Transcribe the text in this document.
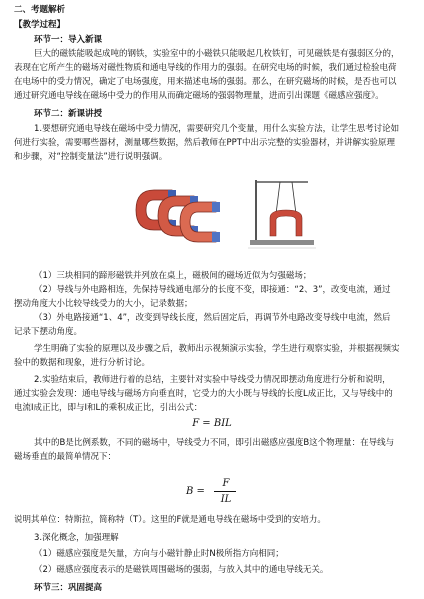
二、考题解析
【教学过程】
环节一：导入新课
巨大的磁铁能吸起成吨的钢铁，实验室中的小磁铁只能吸起几枚铁钉，可见磁铁是有强弱区分的，
表现在它所产生的磁场对磁性物质和通电导线的作用力的强弱。在研究电场的时候，我们通过检验电荷
在电场中的受力情况，确定了电场强度，用来描述电场的强弱。那么，在研究磁场的时候，是否也可以
通过研究通电导线在磁场中受力的作用从而确定磁场的强弱物理量，进而引出课题《磁感应强度》。
环节二：新课讲授
1.要想研究通电导线在磁场中受力情况，需要研究几个变量，用什么实验方法，让学生思考讨论如
何进行实验，需要哪些器材，测量哪些数据，然后教师在PPT中出示完整的实验器材，并讲解实验原理
和步骤，对“控制变量法”进行说明强调。
（1）三块相同的蹄形磁铁并列放在桌上，磁极间的磁场近似为匀强磁场；
（2）导线与外电路相连，先保持导线通电部分的长度不变，即接通：“2、3”，改变电流，通过
摆动角度大小比较导线受力的大小，记录数据；
（3）外电路接通“1、4”，改变到导线长度，然后固定后，再调节外电路改变导线中电流，然后
记录下摆动角度。
学生明确了实验的原理以及步骤之后，教师出示视频演示实验，学生进行观察实验，并根据视频实
验中的数据和现象，进行分析讨论。
2.实验结束后，教师进行着的总结，主要针对实验中导线受力情况即摆动角度进行分析和说明，
通过实验会发现：通电导线与磁场方向垂直时，它受力的大小既与导线的长度L成正比，又与导线中的
电流I成正比，即与I和L的乘积成正比，引出公式：
F = BIL
其中的B是比例系数，不同的磁场中，导线受力不同，即引出磁感应强度B这个物理量：在导线与
磁场垂直的最简单情况下：
B =
F
IL
说明其单位：特斯拉，简称特（T）。这里的F就是通电导线在磁场中受到的安培力。
3.深化概念，加强理解
（1）磁感应强度是矢量，方向与小磁针静止时N极所指方向相同；
（2）磁感应强度表示的是磁铁周围磁场的强弱，与放入其中的通电导线无关。
环节三：巩固提高
